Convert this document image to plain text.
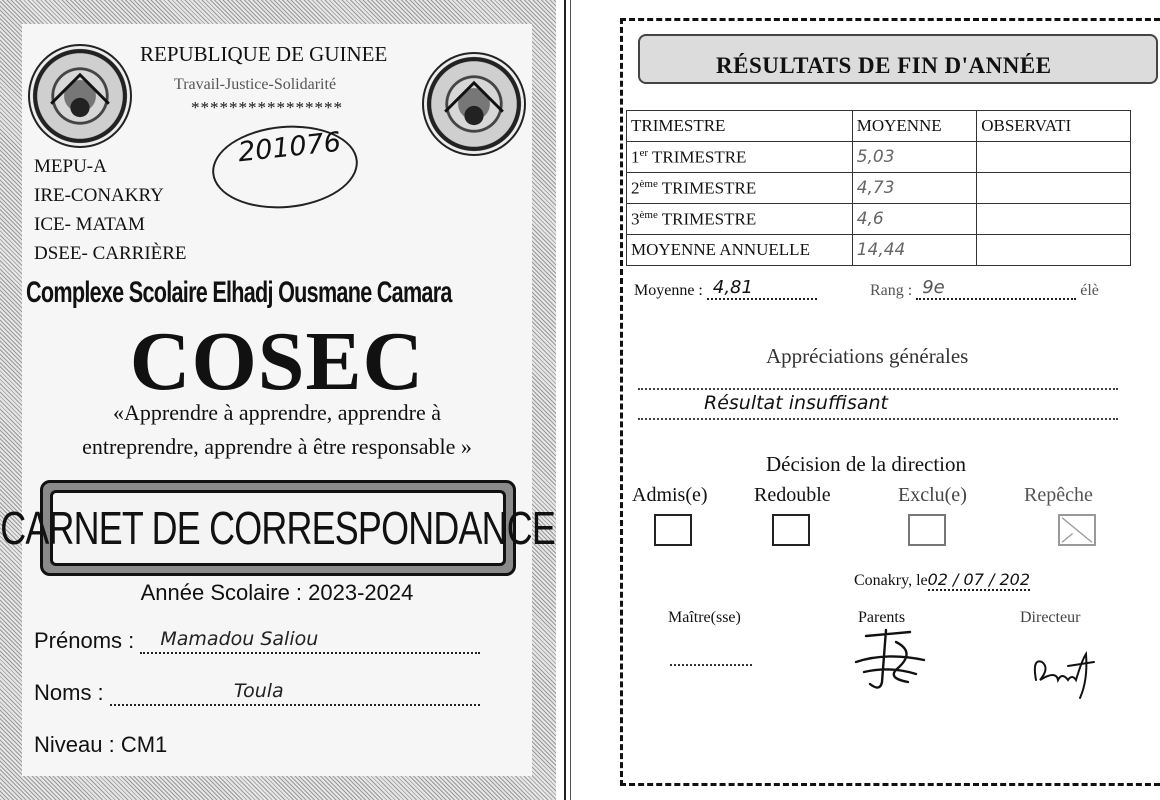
REPUBLIQUE DE GUINEE
Travail-Justice-Solidarité
****************
201076
MEPU-A
IRE-CONAKRY
ICE- MATAM
DSEE- CARRIÈRE
Complexe Scolaire Elhadj Ousmane Camara
COSEC
«Apprendre à apprendre, apprendre à
entreprendre, apprendre à être responsable »
CARNET DE CORRESPONDANCE
Année Scolaire : 2023-2024
Prénoms : Mamadou Saliou
Noms :	Toula
Niveau : CM1
RÉSULTATS DE FIN D'ANNÉE
TRIMESTRE	MOYENNE	OBSERVATI
1er TRIMESTRE	5,03	
2ème TRIMESTRE	4,73	
3ème TRIMESTRE	4,6	
MOYENNE ANNUELLE	14,44	
Moyenne : 4,81	Rang : 9e	élè
Appréciations générales
Résultat insuffisant
Décision de la direction
Admis(e) Redouble	Exclu(e)	Repêche
Conakry, le02 / 07 / 202
Maître(sse)	Parents	Directeur
